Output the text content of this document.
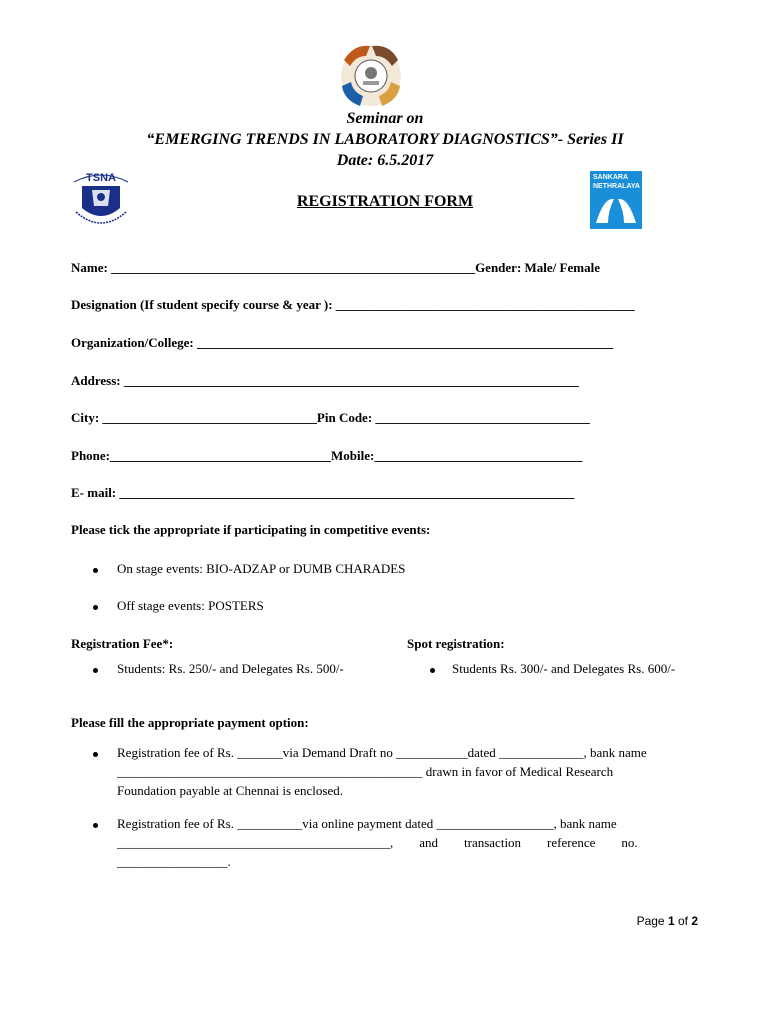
TSNA	SANKARA
NETHRALAYA
Seminar on
“EMERGING TRENDS IN LABORATORY DIAGNOSTICS”- Series II
Date: 6.5.2017
REGISTRATION FORM
Name: ________________________________________________________Gender: Male/ Female
Designation (If student specify course & year ): ______________________________________________
Organization/College: ________________________________________________________________
Address: ______________________________________________________________________
City: _________________________________Pin Code: _________________________________
Phone:__________________________________Mobile:________________________________
E- mail: ______________________________________________________________________
Please tick the appropriate if participating in competitive events:
On stage events: BIO-ADZAP or DUMB CHARADES
Off stage events: POSTERS
Registration Fee*:	Spot registration:
Students: Rs. 250/- and Delegates Rs. 500/-	Students Rs. 300/- and Delegates Rs. 600/-
Please fill the appropriate payment option:
Registration fee of Rs. _______via Demand Draft no ___________dated _____________, bank name
_______________________________________________ drawn in favor of Medical Research
Foundation payable at Chennai is enclosed.
Registration fee of Rs. __________via online payment dated __________________, bank name
__________________________________________,        and        transaction        reference        no.
_________________.
Page 1 of 2
